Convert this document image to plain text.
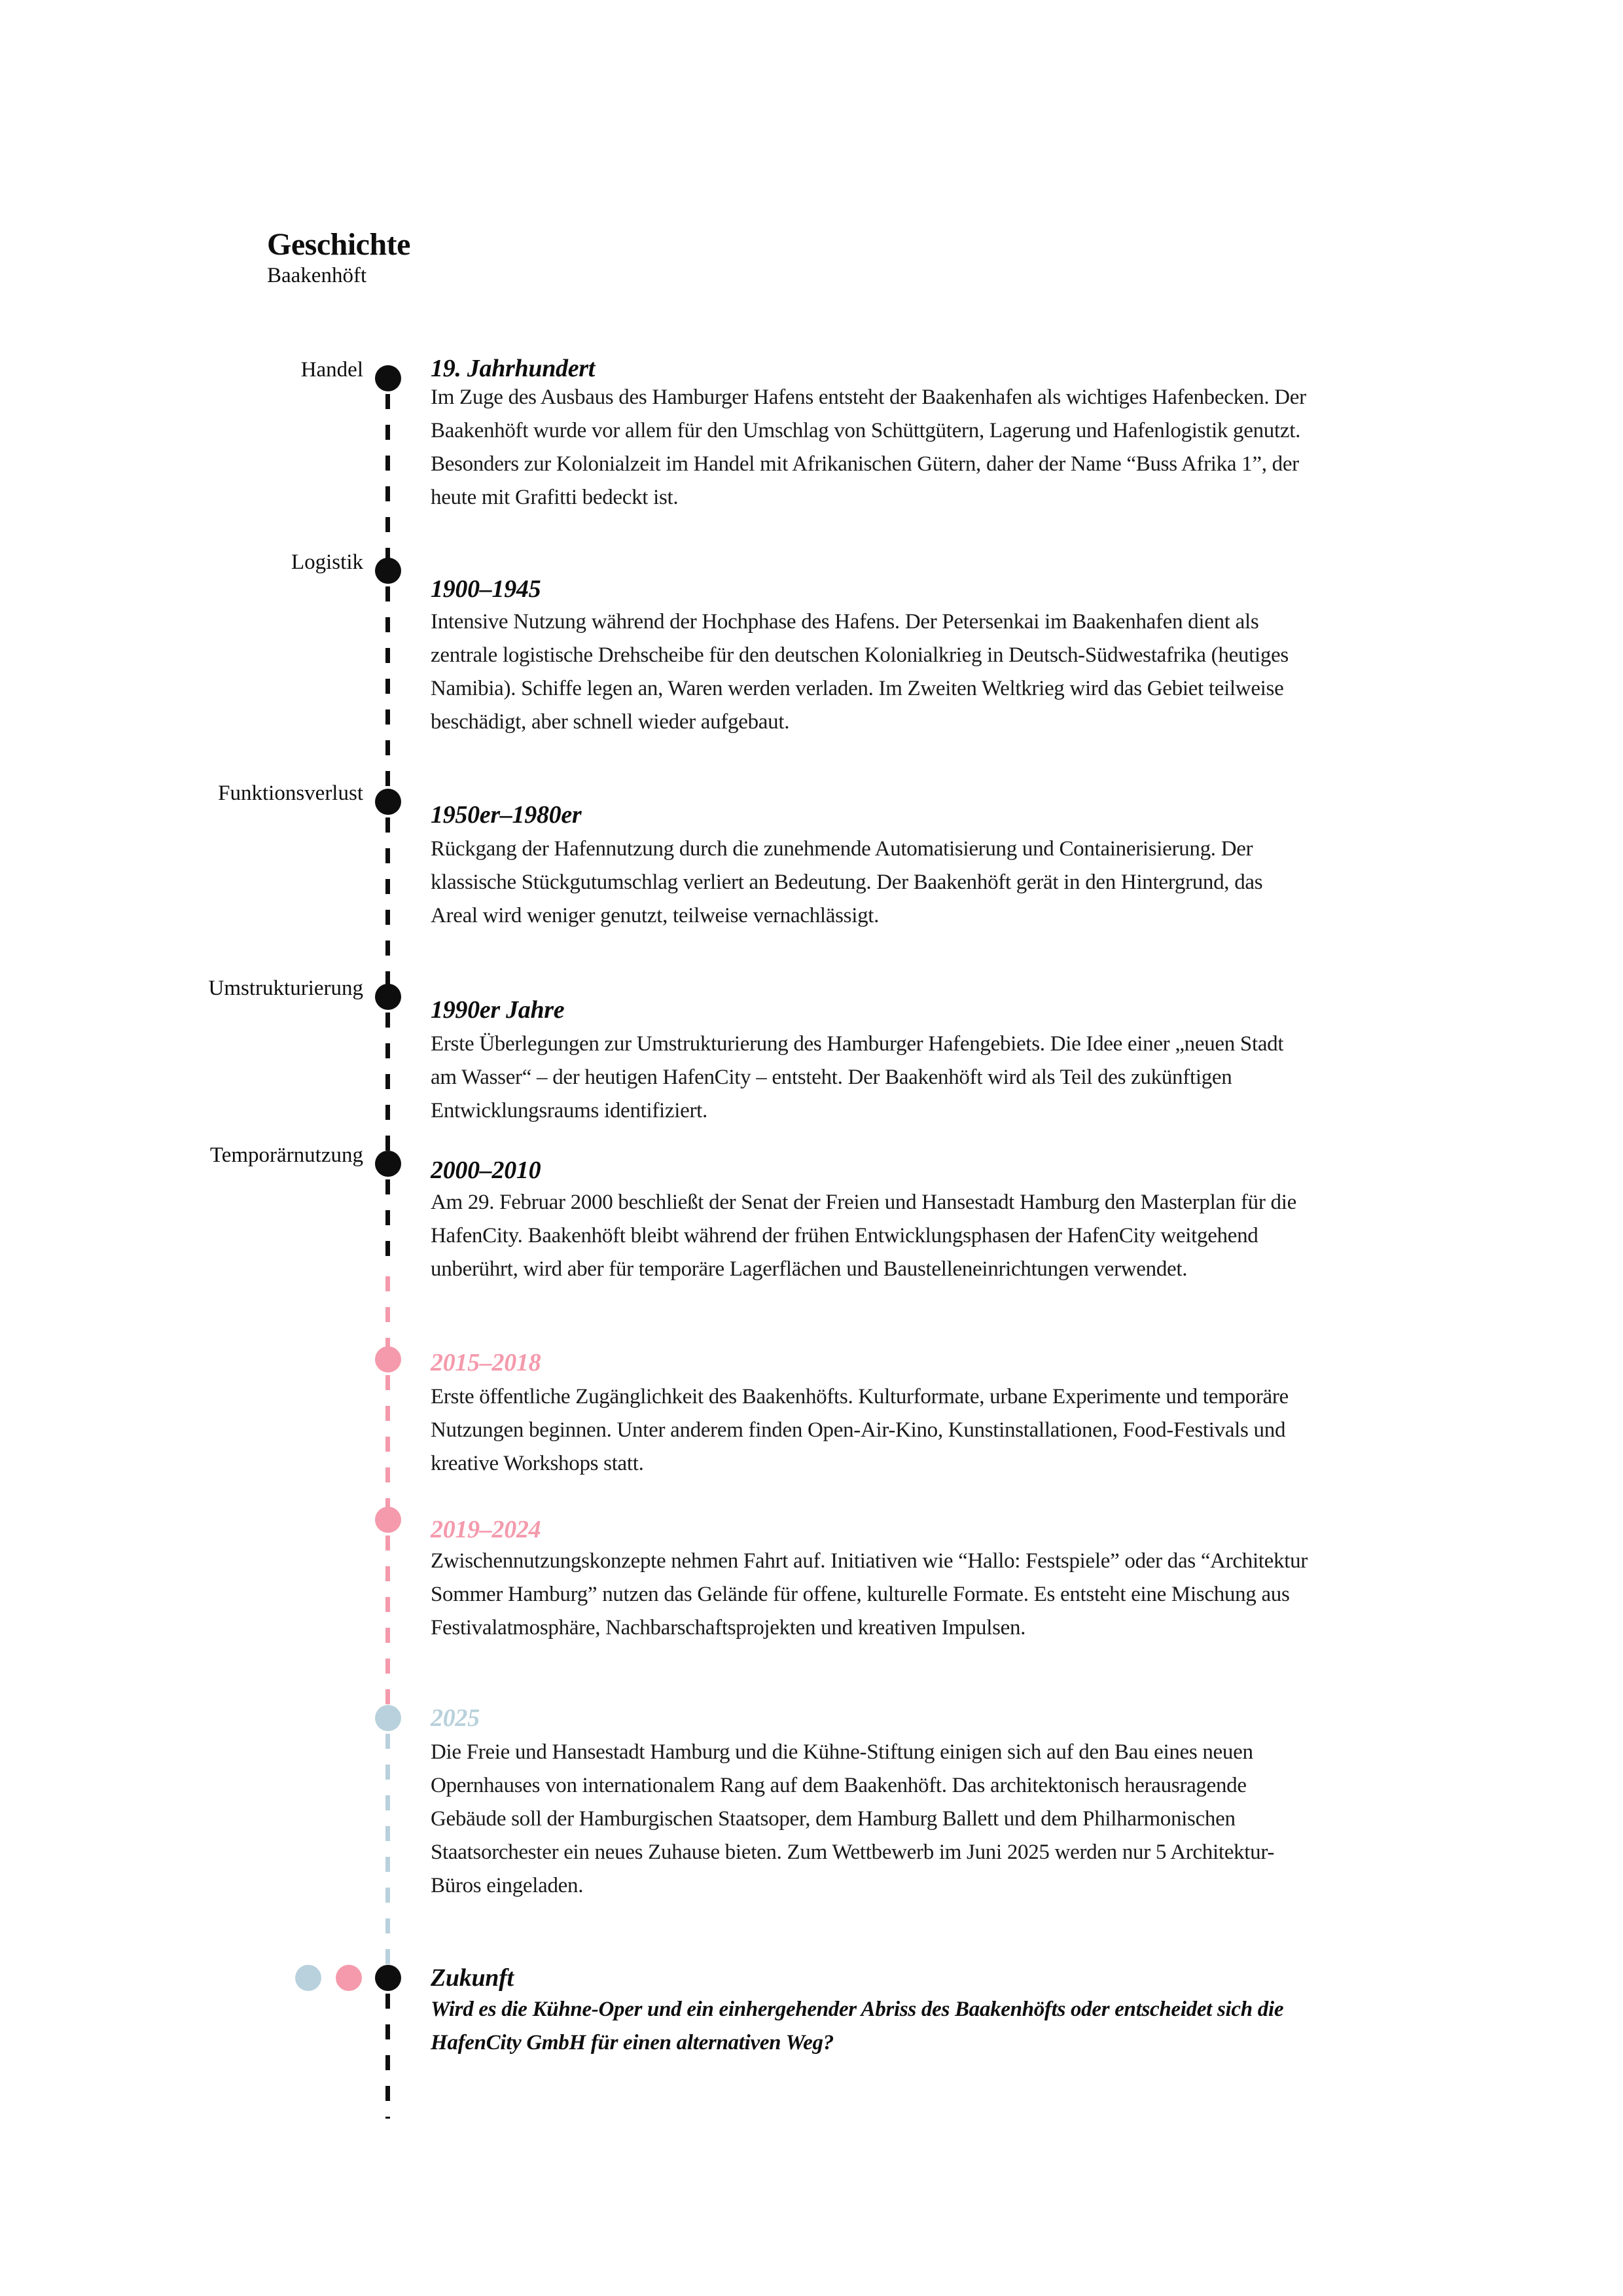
Geschichte
Baakenhöft
Handel	19. Jahrhundert

Im Zuge des Ausbaus des Hamburger Hafens entsteht der Baakenhafen als wichtiges Hafenbecken. Der Baakenhöft wurde vor allem für den Umschlag von Schüttgütern, Lagerung und Hafenlogistik genutzt. Besonders zur Kolonialzeit im Handel mit Afrikanischen Gütern, daher der Name “Buss Afrika 1”, der heute mit Grafitti bedeckt ist.

Logistik
1900–1945

Intensive Nutzung während der Hochphase des Hafens. Der Petersenkai im Baakenhafen dient als zentrale logistische Drehscheibe für den deutschen Kolonialkrieg in Deutsch-Südwestafrika (heutiges Namibia). Schiffe legen an, Waren werden verladen. Im Zweiten Weltkrieg wird das Gebiet teilweise beschädigt, aber schnell wieder aufgebaut.

Funktionsverlust
1950er–1980er

Rückgang der Hafennutzung durch die zunehmende Automatisierung und Containerisierung. Der klassische Stückgutumschlag verliert an Bedeutung. Der Baakenhöft gerät in den Hintergrund, das Areal wird weniger genutzt, teilweise vernachlässigt.

Umstrukturierung
1990er Jahre

Erste Überlegungen zur Umstrukturierung des Hamburger Hafengebiets. Die Idee einer „neuen Stadt am Wasser“ – der heutigen HafenCity – entsteht. Der Baakenhöft wird als Teil des zukünftigen Entwicklungsraums identifiziert.

Temporärnutzung
2000–2010

Am 29. Februar 2000 beschließt der Senat der Freien und Hansestadt Hamburg den Masterplan für die HafenCity. Baakenhöft bleibt während der frühen Entwicklungsphasen der HafenCity weitgehend unberührt, wird aber für temporäre Lagerflächen und Baustelleneinrichtungen verwendet.

2015–2018

Erste öffentliche Zugänglichkeit des Baakenhöfts. Kulturformate, urbane Experimente und temporäre Nutzungen beginnen. Unter anderem finden Open-Air-Kino, Kunstinstallationen, Food-Festivals und kreative Workshops statt.

2019–2024

Zwischennutzungskonzepte nehmen Fahrt auf. Initiativen wie “Hallo: Festspiele” oder das “Architektur Sommer Hamburg” nutzen das Gelände für offene, kulturelle Formate. Es entsteht eine Mischung aus Festivalatmosphäre, Nachbarschaftsprojekten und kreativen Impulsen.

2025

Die Freie und Hansestadt Hamburg und die Kühne-Stiftung einigen sich auf den Bau eines neuen Opernhauses von internationalem Rang auf dem Baakenhöft. Das architektonisch herausragende Gebäude soll der Hamburgischen Staatsoper, dem Hamburg Ballett und dem Philharmonischen Staatsorchester ein neues Zuhause bieten. Zum Wettbewerb im Juni 2025 werden nur 5 Architektur-Büros eingeladen.

Zukunft

Wird es die Kühne-Oper und ein einhergehender Abriss des Baakenhöfts oder entscheidet sich die HafenCity GmbH für einen alternativen Weg?
